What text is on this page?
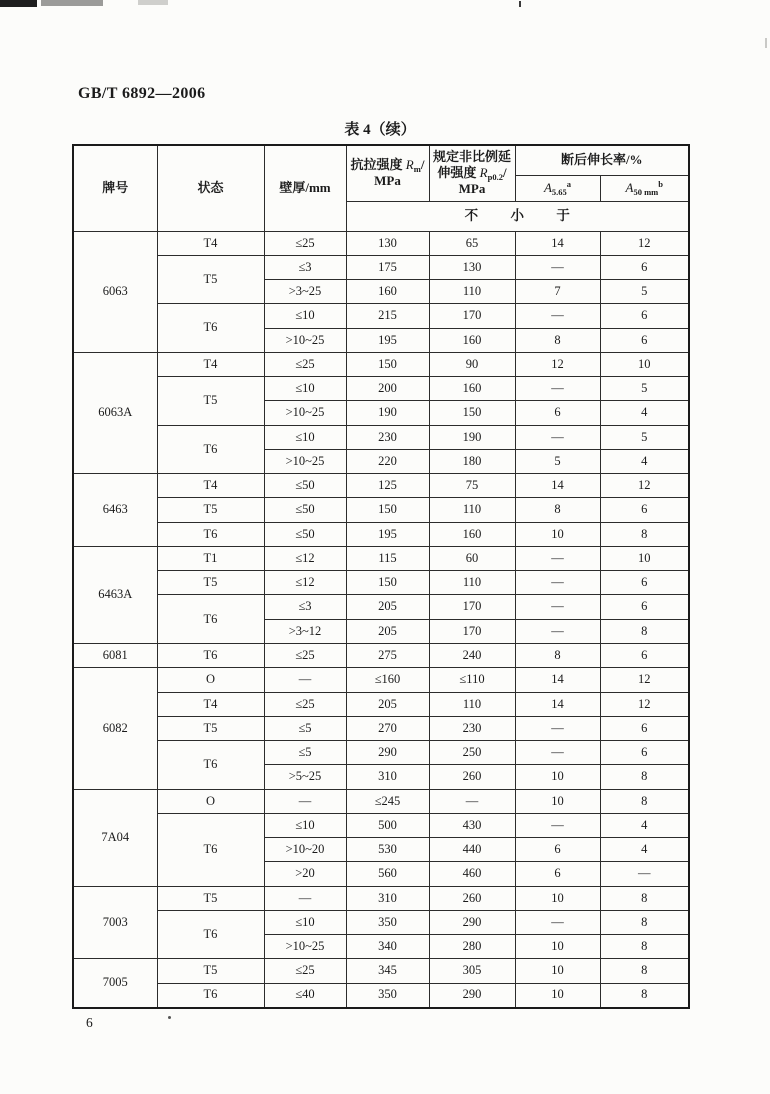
GB/T 6892—2006
表 4（续）
牌号	状态	壁厚/mm	抗拉强度 $R_m/$
MPa	规定非比例延
伸强度 $R_{p0.2}/$
MPa	断后伸长率/%	
					$A_{5.65}^a$	$A_{50 mm}^b$

			不小于			

6063	T4	≤25	130	65	14	12
	T5	≤3	175	130	—	6
		>3~25	160	110	7	5
	T6	≤10	215	170	—	6
		>10~25	195	160	8	6
6063A	T4	≤25	150	90	12	10
	T5	≤10	200	160	—	5
		>10~25	190	150	6	4
	T6	≤10	230	190	—	5
		>10~25	220	180	5	4
6463	T4	≤50	125	75	14	12
	T5	≤50	150	110	8	6
	T6	≤50	195	160	10	8
6463A	T1	≤12	115	60	—	10
	T5	≤12	150	110	—	6
	T6	≤3	205	170	—	6
		>3~12	205	170	—	8
6081	T6	≤25	275	240	8	6
6082	O	—	≤160	≤110	14	12
	T4	≤25	205	110	14	12
	T5	≤5	270	230	—	6
	T6	≤5	290	250	—	6
		>5~25	310	260	10	8
7A04	O	—	≤245	—	10	8
	T6	≤10	500	430	—	4
		>10~20	530	440	6	4
		>20	560	460	6	—
7003	T5	—	310	260	10	8
	T6	≤10	350	290	—	8
		>10~25	340	280	10	8
7005	T5	≤25	345	305	10	8
	T6	≤40	350	290	10	8
6
